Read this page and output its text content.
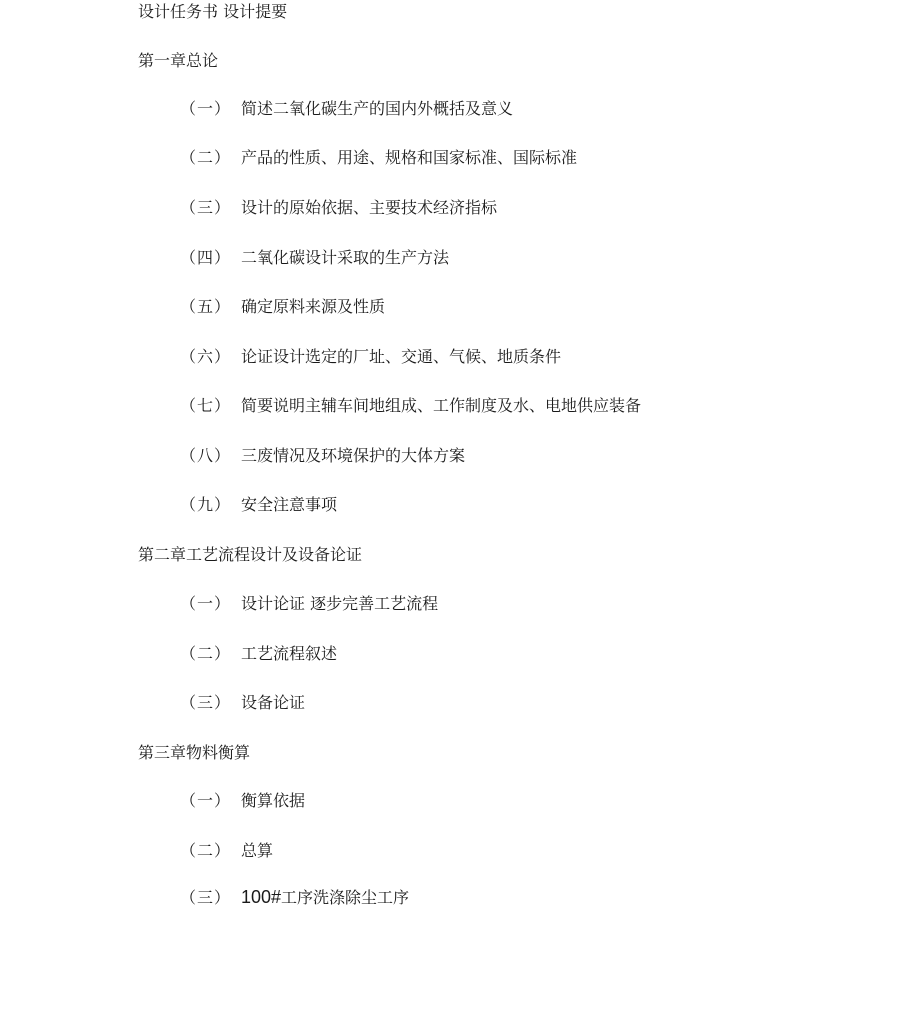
设计任务书 设计提要
第一章总论
（一） 简述二氧化碳生产的国内外概括及意义
（二） 产品的性质、用途、规格和国家标准、国际标准
（三） 设计的原始依据、主要技术经济指标
（四） 二氧化碳设计采取的生产方法
（五） 确定原料来源及性质
（六） 论证设计选定的厂址、交通、气候、地质条件
（七） 简要说明主辅车间地组成、工作制度及水、电地供应装备
（八） 三废情况及环境保护的大体方案
（九） 安全注意事项
第二章工艺流程设计及设备论证
（一） 设计论证 逐步完善工艺流程
（二） 工艺流程叙述
（三） 设备论证
第三章物料衡算
（一） 衡算依据
（二） 总算
（三） 100#工序洗涤除尘工序
